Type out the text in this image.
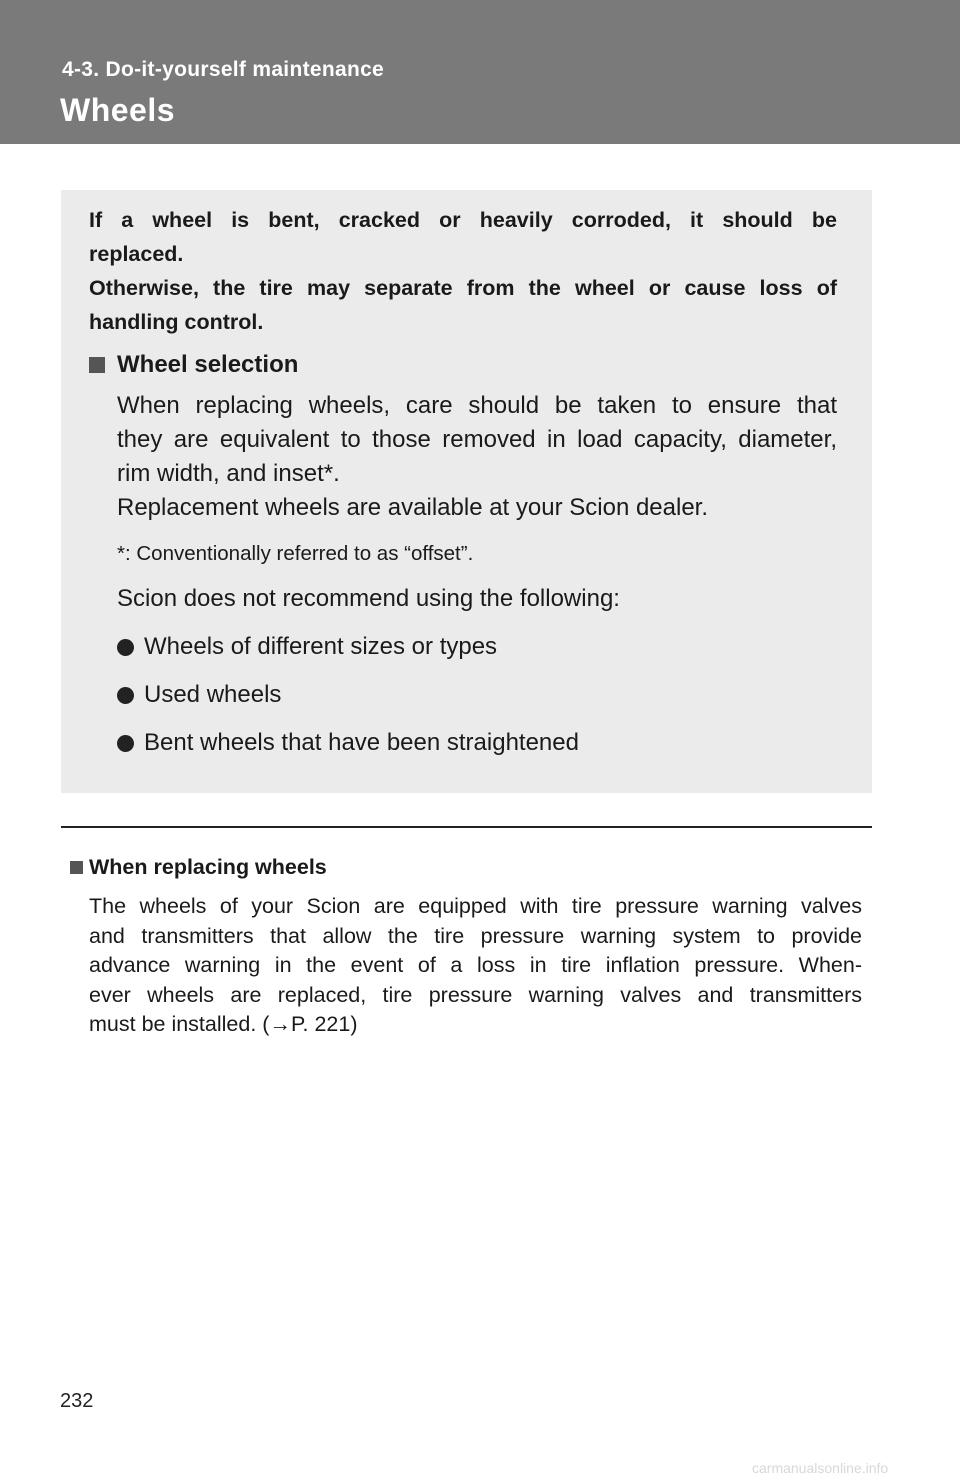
4-3. Do-it-yourself maintenance
Wheels

If a wheel is bent, cracked or heavily corroded, it should be
replaced.
Otherwise, the tire may separate from the wheel or cause loss of
handling control.

Wheel selection

When replacing wheels, care should be taken to ensure that
they are equivalent to those removed in load capacity, diameter,
rim width, and inset*.
Replacement wheels are available at your Scion dealer.

*: Conventionally referred to as “offset”.

Scion does not recommend using the following:

Wheels of different sizes or types
Used wheels
Bent wheels that have been straightened
When replacing wheels

The wheels of your Scion are equipped with tire pressure warning valves
and transmitters that allow the tire pressure warning system to provide
advance warning in the event of a loss in tire inflation pressure. When-
ever wheels are replaced, tire pressure warning valves and transmitters
must be installed. (→P. 221)

232
carmanualsonline.info
